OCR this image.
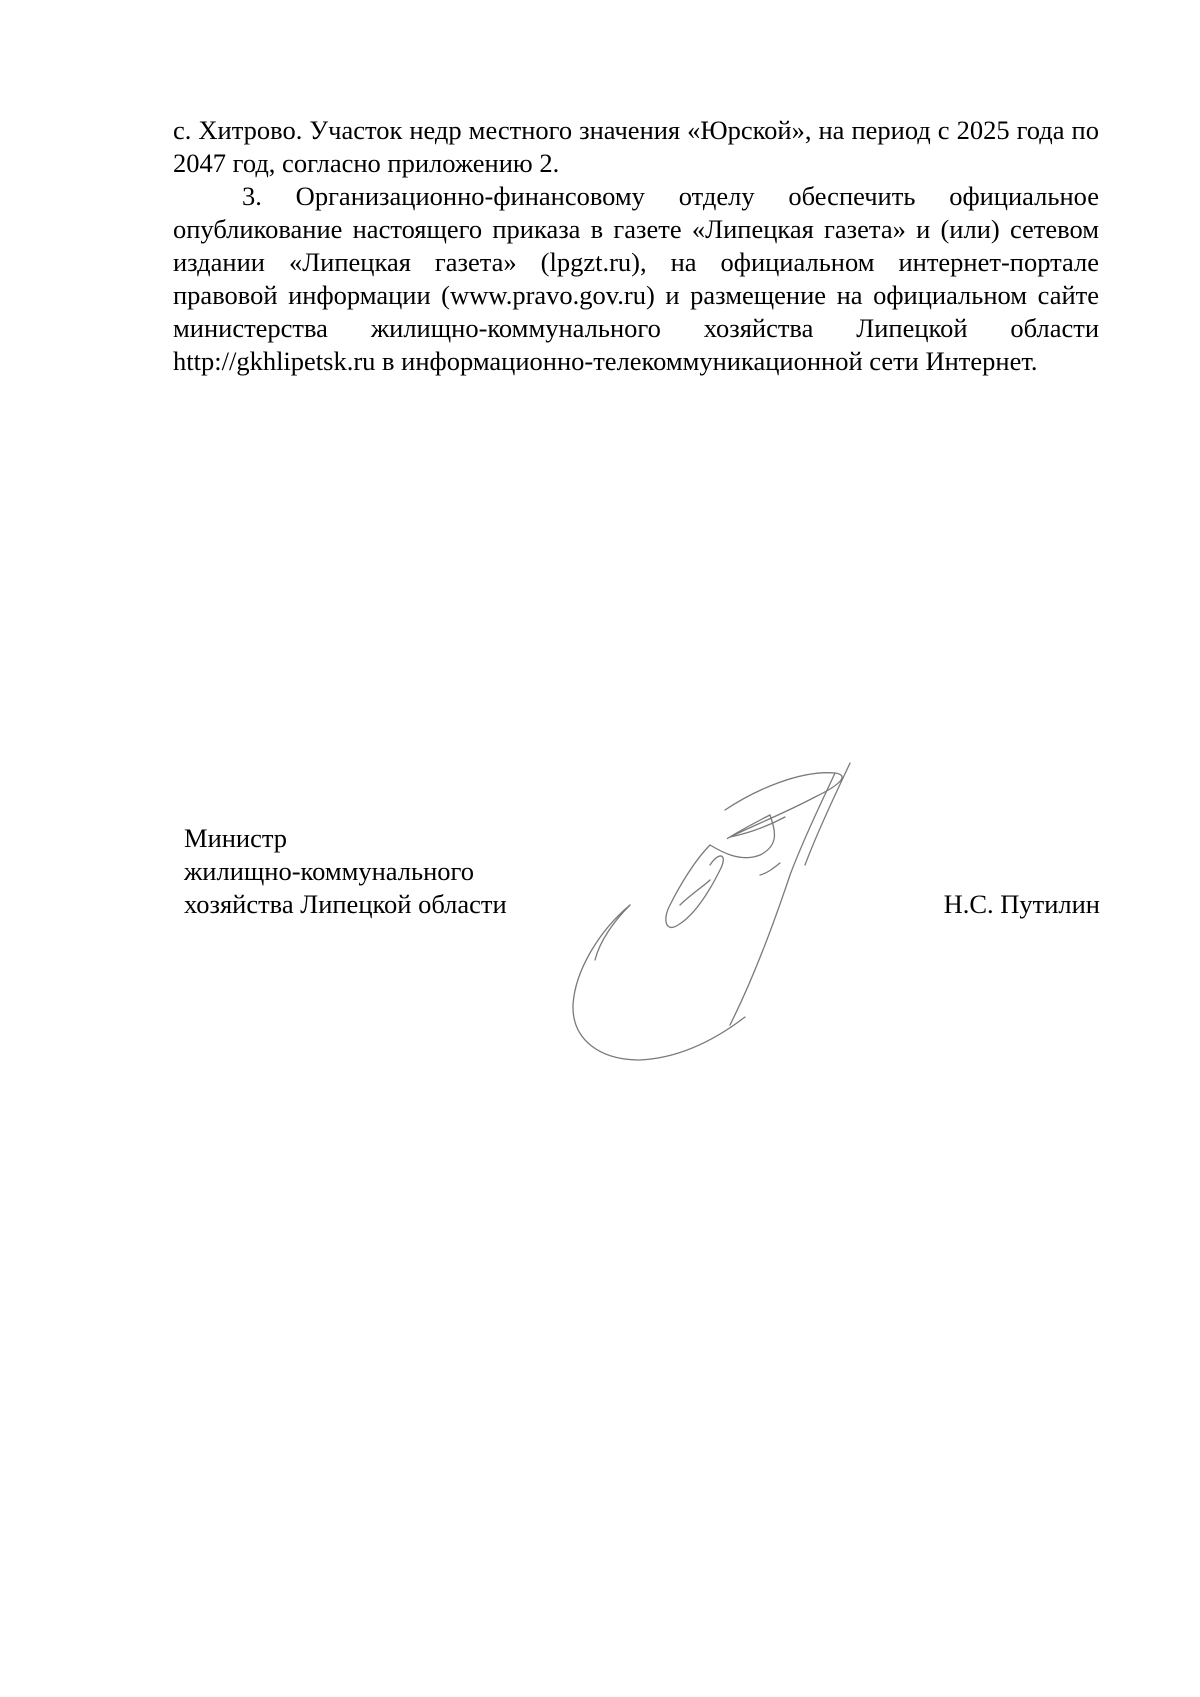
с. Хитрово. Участок недр местного значения «Юрской», на период с 2025 года по 2047 год, согласно приложению 2.

3. Организационно-финансовому отделу обеспечить официальное опубликование настоящего приказа в газете «Липецкая газета» и (или) сетевом издании «Липецкая газета» (lpgzt.ru), на официальном интернет-портале правовой информации (www.pravo.gov.ru) и размещение на официальном сайте министерства жилищно-коммунального хозяйства Липецкой области http://gkhlipetsk.ru в информационно-телекоммуникационной сети Интернет.

Министр
жилищно-коммунального
хозяйства Липецкой области	Н.С. Путилин
